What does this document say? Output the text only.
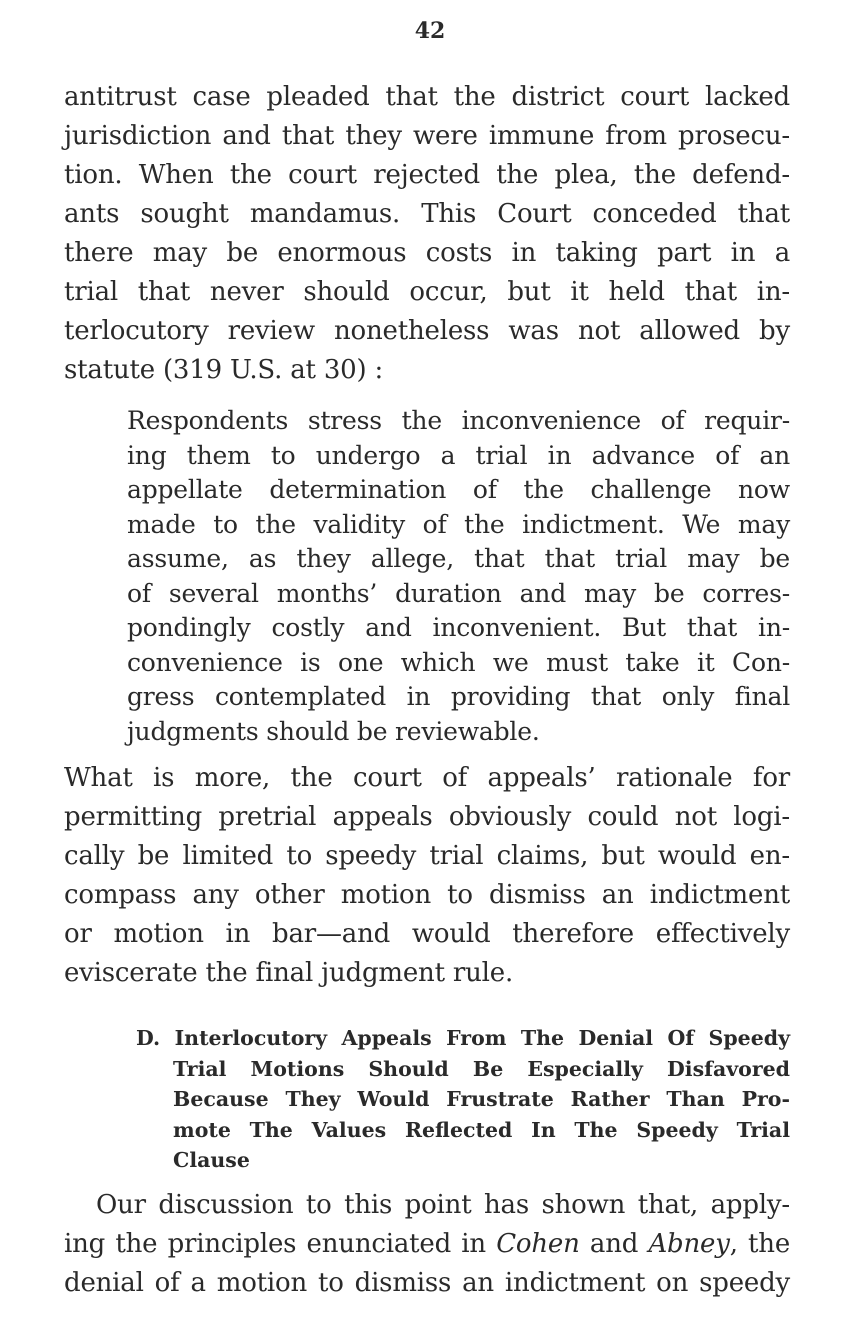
42
antitrust case pleaded that the district court lacked
jurisdiction and that they were immune from prosecu-
tion. When the court rejected the plea, the defend-
ants sought mandamus. This Court conceded that
there may be enormous costs in taking part in a
trial that never should occur, but it held that in-
terlocutory review nonetheless was not allowed by
statute (319 U.S. at 30) :
Respondents stress the inconvenience of requir-
ing them to undergo a trial in advance of an
appellate determination of the challenge now
made to the validity of the indictment. We may
assume, as they allege, that that trial may be
of several months’ duration and may be corres-
pondingly costly and inconvenient. But that in-
convenience is one which we must take it Con-
gress contemplated in providing that only final
judgments should be reviewable.
What is more, the court of appeals’ rationale for
permitting pretrial appeals obviously could not logi-
cally be limited to speedy trial claims, but would en-
compass any other motion to dismiss an indictment
or motion in bar—and would therefore effectively
eviscerate the final judgment rule.
D. Interlocutory Appeals From The Denial Of Speedy
Trial Motions Should Be Especially Disfavored
Because They Would Frustrate Rather Than Pro-
mote The Values Reflected In The Speedy Trial
Clause
Our discussion to this point has shown that, apply-
ing the principles enunciated in Cohen and Abney, the
denial of a motion to dismiss an indictment on speedy
